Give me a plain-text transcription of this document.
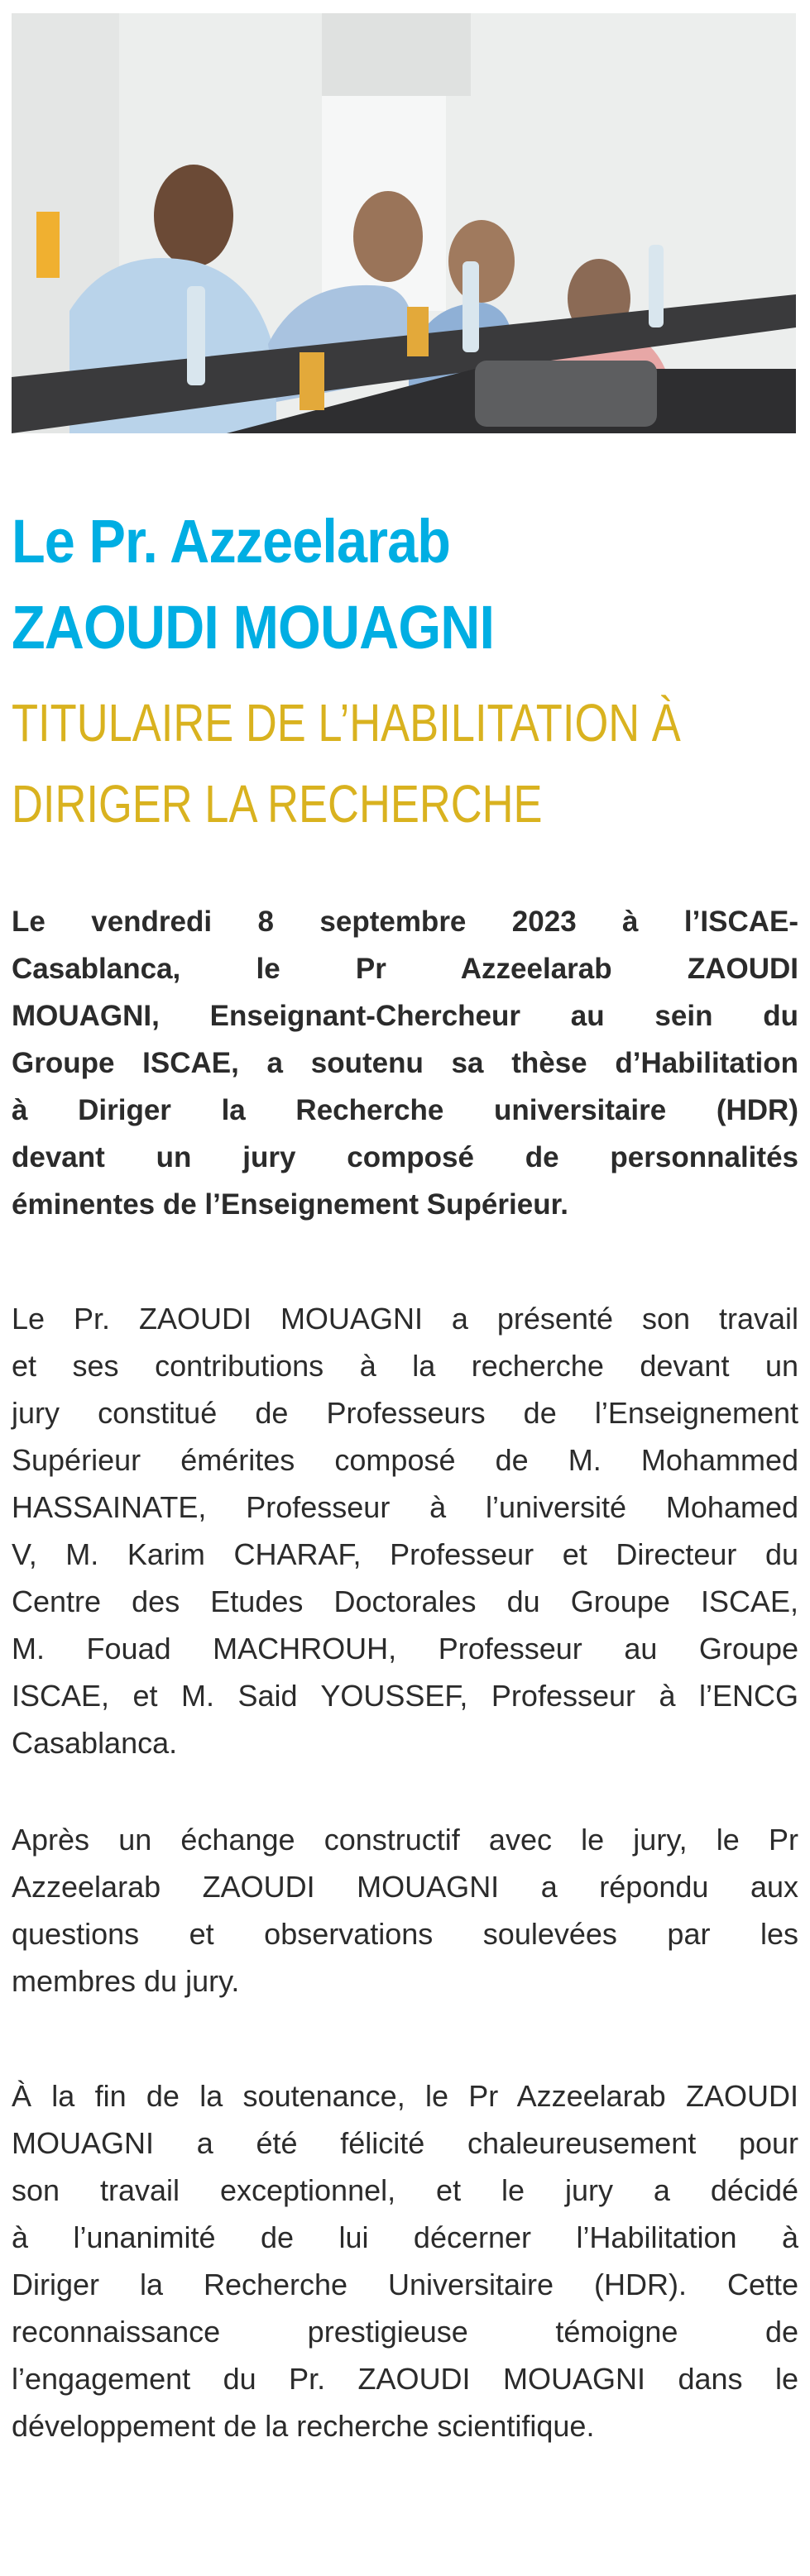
Le Pr. Azzeelarab
ZAOUDI MOUAGNI
TITULAIRE DE L’HABILITATION À
DIRIGER LA RECHERCHE
Le vendredi 8 septembre 2023 à l’ISCAE-
Casablanca, le Pr Azzeelarab ZAOUDI
MOUAGNI, Enseignant-Chercheur au sein du
Groupe ISCAE, a soutenu sa thèse d’Habilitation
à Diriger la Recherche universitaire (HDR)
devant un jury composé de personnalités
éminentes de l’Enseignement Supérieur.
Le Pr. ZAOUDI MOUAGNI a présenté son travail
et ses contributions à la recherche devant un
jury constitué de Professeurs de l’Enseignement
Supérieur émérites composé de M. Mohammed
HASSAINATE, Professeur à l’université Mohamed
V, M. Karim CHARAF, Professeur et Directeur du
Centre des Etudes Doctorales du Groupe ISCAE,
M. Fouad MACHROUH, Professeur au Groupe
ISCAE, et M. Said YOUSSEF, Professeur à l’ENCG
Casablanca.
Après un échange constructif avec le jury, le Pr
Azzeelarab ZAOUDI MOUAGNI a répondu aux
questions et observations soulevées par les
membres du jury.
À la fin de la soutenance, le Pr Azzeelarab ZAOUDI
MOUAGNI a été félicité chaleureusement pour
son travail exceptionnel, et le jury a décidé
à l’unanimité de lui décerner l’Habilitation à
Diriger la Recherche Universitaire (HDR). Cette
reconnaissance prestigieuse témoigne de
l’engagement du Pr. ZAOUDI MOUAGNI dans le
développement de la recherche scientifique.
